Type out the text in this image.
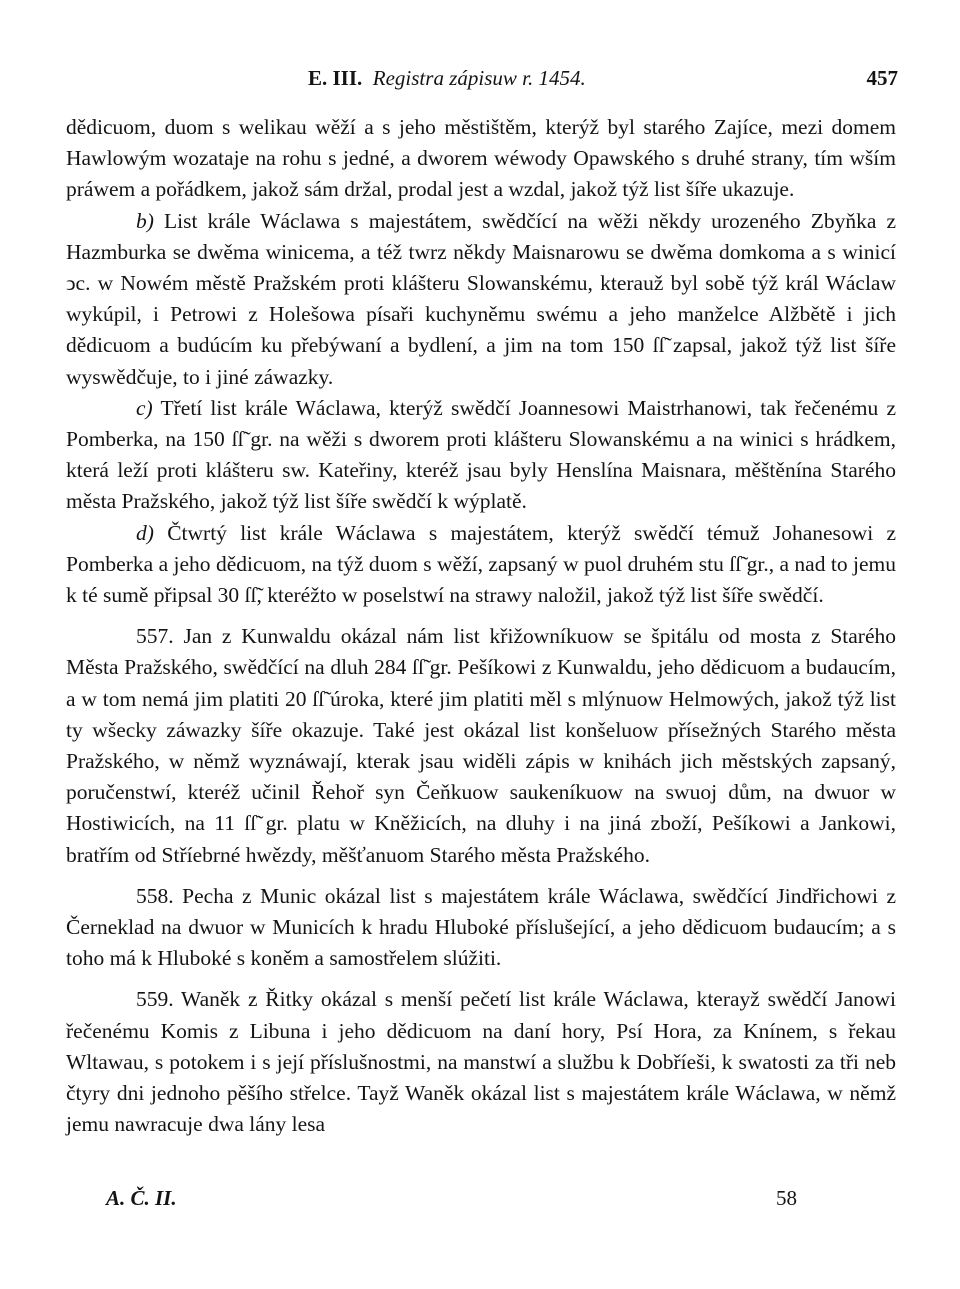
E. III. Registra zápisuw r. 1454.	457

dědicuom, duom s welikau wěží a s jeho městištěm, kterýž byl starého Zajíce, mezi domem Hawlowým wozataje na rohu s jedné, a dworem wéwody Opawského s druhé strany, tím wším práwem a pořádkem, jakož sám držal, prodal jest a wzdal, jakož týž list šíře ukazuje.

b) List krále Wáclawa s majestátem, swědčící na wěži někdy urozeného Zbyňka z Hazmburka se dwěma winicema, a též twrz někdy Maisnarowu se dwěma domkoma a s winicí ↄc. w Nowém městě Pražském proti klášteru Slowanskému, kterauž byl sobě týž král Wáclaw wykúpil, i Petrowi z Holešowa písaři kuchyněmu swému a jeho manželce Alžbětě i jich dědicuom a budúcím ku přebýwaní a bydlení, a jim na tom 150 ſſ̃ zapsal, jakož týž list šíře wyswědčuje, to i jiné záwazky.

c) Třetí list krále Wáclawa, kterýž swědčí Joannesowi Maistrhanowi, tak řečenému z Pomberka, na 150 ſſ̃ gr. na wěži s dworem proti klášteru Slowanskému a na winici s hrádkem, která leží proti klášteru sw. Kateřiny, kteréž jsau byly Henslína Maisnara, měštěnína Starého města Pražského, jakož týž list šíře swědčí k wýplatě.

d) Čtwrtý list krále Wáclawa s majestátem, kterýž swědčí témuž Johanesowi z Pomberka a jeho dědicuom, na týž duom s wěží, zapsaný w puol druhém stu ſſ̃ gr., a nad to jemu k té sumě připsal 30 ſſ̃, kteréžto w poselstwí na strawy naložil, jakož týž list šíře swědčí.

557. Jan z Kunwaldu okázal nám list křižowníkuow se špitálu od mosta z Starého Města Pražského, swědčící na dluh 284 ſſ̃ gr. Pešíkowi z Kunwaldu, jeho dědicuom a budaucím, a w tom nemá jim platiti 20 ſſ̃ úroka, které jim platiti měl s mlýnuow Helmowých, jakož týž list ty wšecky záwazky šíře okazuje. Také jest okázal list konšeluow přísežných Starého města Pražského, w němž wyznáwají, kterak jsau widěli zápis w knihách jich městských zapsaný, poručenstwí, kteréž učinil Řehoř syn Čeňkuow saukeníkuow na swuoj dům, na dwuor w Hostiwicích, na 11 ſſ̃ gr. platu w Kněžicích, na dluhy i na jiná zboží, Pešíkowi a Jankowi, bratřím od Stříebrné hwězdy, měšťanuom Starého města Pražského.

558. Pecha z Munic okázal list s majestátem krále Wáclawa, swědčící Jindřichowi z Černeklad na dwuor w Municích k hradu Hluboké příslušející, a jeho dědicuom budaucím; a s toho má k Hluboké s koněm a samostřelem slúžiti.

559. Waněk z Řitky okázal s menší pečetí list krále Wáclawa, kterayž swědčí Janowi řečenému Komis z Libuna i jeho dědicuom na daní hory, Psí Hora, za Knínem, s řekau Wltawau, s potokem i s její příslušnostmi, na manstwí a službu k Dobříeši, k swatosti za tři neb čtyry dni jednoho pěšího střelce. Tayž Waněk okázal list s majestátem krále Wáclawa, w němž jemu nawracuje dwa lány lesa

A. Č. II.	58
